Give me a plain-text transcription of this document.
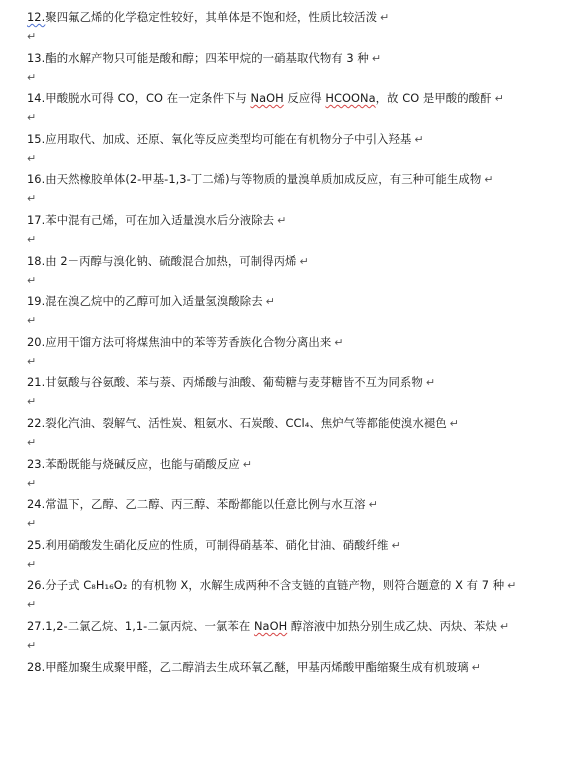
12.聚四氟乙烯的化学稳定性较好，其单体是不饱和烃，性质比较活泼 ↵
↵
13.酯的水解产物只可能是酸和醇；四苯甲烷的一硝基取代物有 3 种 ↵
↵
14.甲酸脱水可得 CO，CO 在一定条件下与 NaOH 反应得 HCOONa，故 CO 是甲酸的酸酐 ↵
↵
15.应用取代、加成、还原、氧化等反应类型均可能在有机物分子中引入羟基 ↵
↵
16.由天然橡胶单体(2-甲基-1,3-丁二烯)与等物质的量溴单质加成反应，有三种可能生成物 ↵
↵
17.苯中混有己烯，可在加入适量溴水后分液除去 ↵
↵
18.由 2－丙醇与溴化钠、硫酸混合加热，可制得丙烯 ↵
↵
19.混在溴乙烷中的乙醇可加入适量氢溴酸除去 ↵
↵
20.应用干馏方法可将煤焦油中的苯等芳香族化合物分离出来 ↵
↵
21.甘氨酸与谷氨酸、苯与萘、丙烯酸与油酸、葡萄糖与麦芽糖皆不互为同系物 ↵
↵
22.裂化汽油、裂解气、活性炭、粗氨水、石炭酸、CCl₄、焦炉气等都能使溴水褪色 ↵
↵
23.苯酚既能与烧碱反应，也能与硝酸反应 ↵
↵
24.常温下，乙醇、乙二醇、丙三醇、苯酚都能以任意比例与水互溶 ↵
↵
25.利用硝酸发生硝化反应的性质，可制得硝基苯、硝化甘油、硝酸纤维 ↵
↵
26.分子式 C₈H₁₆O₂ 的有机物 X，水解生成两种不含支链的直链产物，则符合题意的 X 有 7 种 ↵
↵
27.1,2-二氯乙烷、1,1-二氯丙烷、一氯苯在 NaOH 醇溶液中加热分别生成乙炔、丙炔、苯炔 ↵
↵
28.甲醛加聚生成聚甲醛，乙二醇消去生成环氧乙醚，甲基丙烯酸甲酯缩聚生成有机玻璃 ↵
